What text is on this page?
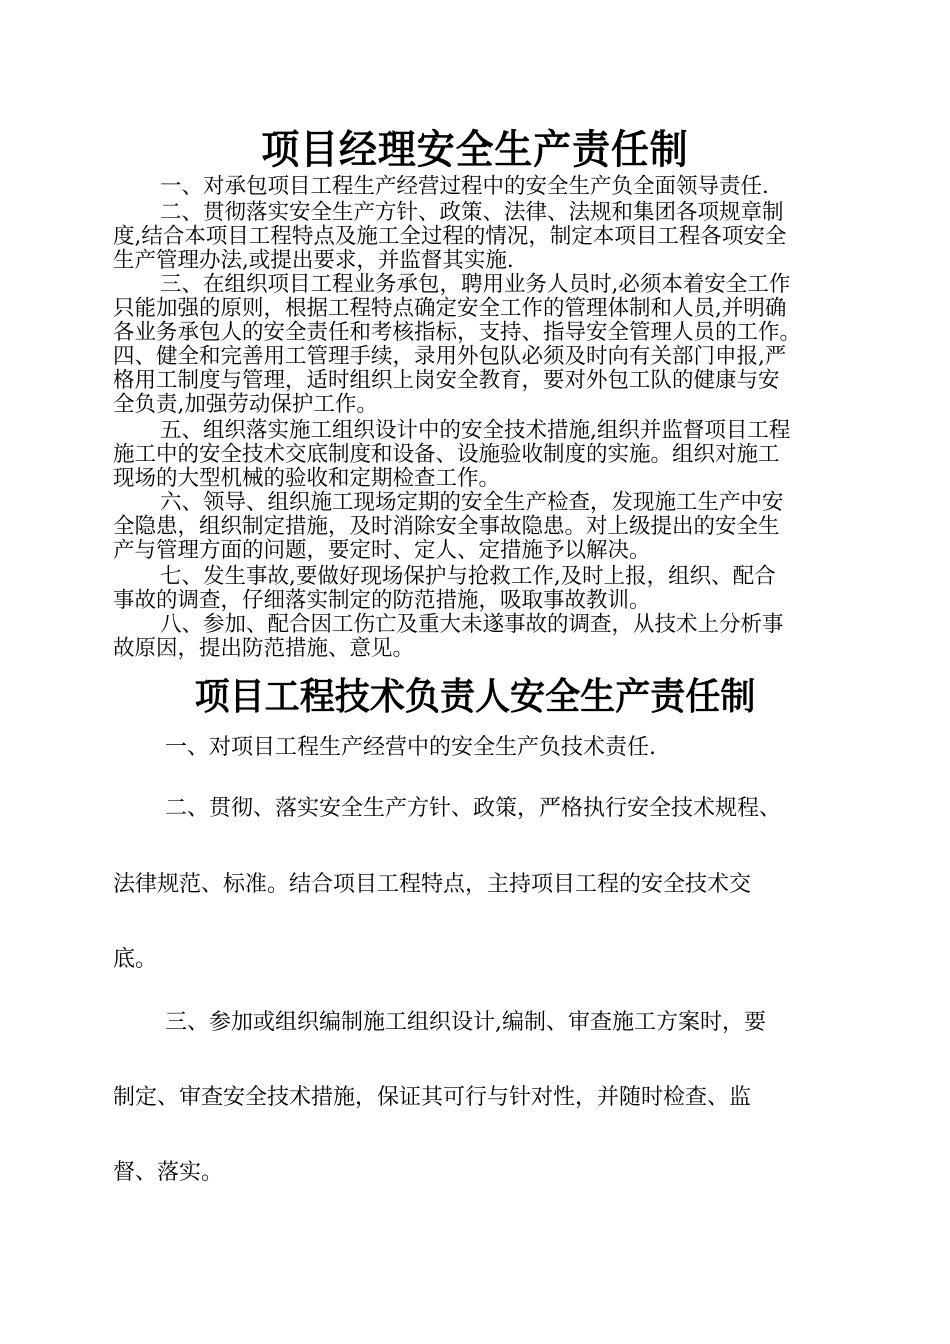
项目经理安全生产责任制

一、对承包项目工程生产经营过程中的安全生产负全面领导责任.

二、贯彻落实安全生产方针、政策、法律、法规和集团各项规章制

度,结合本项目工程特点及施工全过程的情况，制定本项目工程各项安全

生产管理办法,或提出要求，并监督其实施.

三、在组织项目工程业务承包，聘用业务人员时,必须本着安全工作

只能加强的原则，根据工程特点确定安全工作的管理体制和人员,并明确

各业务承包人的安全责任和考核指标，支持、指导安全管理人员的工作。

四、健全和完善用工管理手续，录用外包队必须及时向有关部门申报,严

格用工制度与管理，适时组织上岗安全教育，要对外包工队的健康与安

全负责,加强劳动保护工作。

五、组织落实施工组织设计中的安全技术措施,组织并监督项目工程

施工中的安全技术交底制度和设备、设施验收制度的实施。组织对施工

现场的大型机械的验收和定期检查工作。

六、领导、组织施工现场定期的安全生产检查，发现施工生产中安

全隐患，组织制定措施，及时消除安全事故隐患。对上级提出的安全生

产与管理方面的问题，要定时、定人、定措施予以解决。

七、发生事故,要做好现场保护与抢救工作,及时上报，组织、配合

事故的调查，仔细落实制定的防范措施，吸取事故教训。

八、参加、配合因工伤亡及重大未遂事故的调查，从技术上分析事

故原因，提出防范措施、意见。

项目工程技术负责人安全生产责任制

一、对项目工程生产经营中的安全生产负技术责任.

二、贯彻、落实安全生产方针、政策，严格执行安全技术规程、

法律规范、标准。结合项目工程特点，主持项目工程的安全技术交

底。

三、参加或组织编制施工组织设计,编制、审查施工方案时，要

制定、审查安全技术措施，保证其可行与针对性，并随时检查、监

督、落实。
